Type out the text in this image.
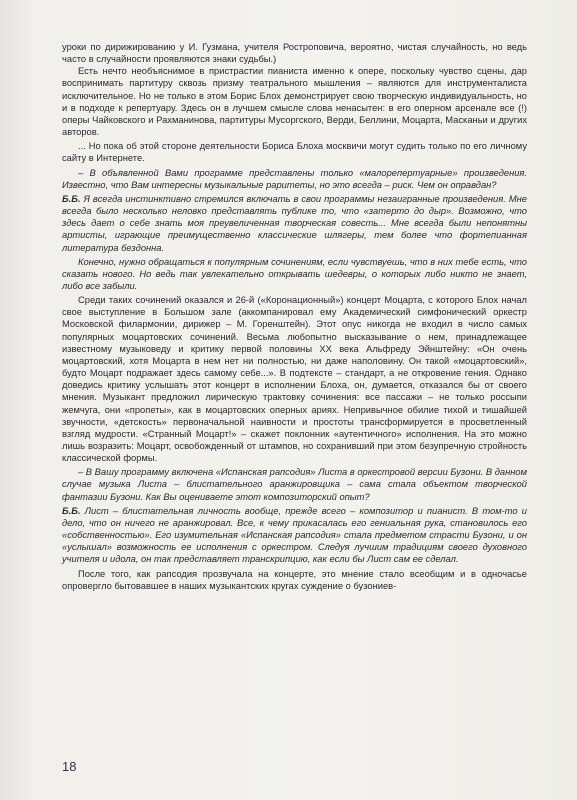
уроки по дирижированию у И. Гузмана, учителя Ростроповича, вероятно, чистая случайность, но ведь часто в случайности проявляются знаки судьбы.)

Есть нечто необъяснимое в пристрастии пианиста именно к опере, поскольку чувство сцены, дар воспринимать партитуру сквозь призму театрального мышления – являются для инструменталиста исключительное. Но не только в этом Борис Блох демонстрирует свою творческую индивидуальность, но и в подходе к репертуару. Здесь он в лучшем смысле слова ненасытен: в его оперном арсенале все (!) оперы Чайковского и Рахманинова, партитуры Мусоргского, Верди, Беллини, Моцарта, Масканьи и других авторов.

... Но пока об этой стороне деятельности Бориса Блоха москвичи могут судить только по его личному сайту в Интернете.

– В объявленной Вами программе представлены только «малорепертуарные» произведения. Известно, что Вам интересны музыкальные раритеты, но это всегда – риск. Чем он оправдан?

Б.Б. Я всегда инстинктивно стремился включать в свои программы незаигранные произведения. Мне всегда было несколько неловко представлять публике то, что «затерто до дыр». Возможно, что здесь дает о себе знать моя преувеличенная творческая совесть... Мне всегда были непонятны артисты, играющие преимущественно классические шлягеры, тем более что фортепианная литература бездонна.

Конечно, нужно обращаться к популярным сочинениям, если чувствуешь, что в них тебе есть, что сказать нового. Но ведь так увлекательно открывать шедевры, о которых либо никто не знает, либо все забыли.

Среди таких сочинений оказался и 26-й («Коронационный») концерт Моцарта, с которого Блох начал свое выступление в Большом зале (аккомпанировал ему Академический симфонический оркестр Московской филармонии, дирижер – М. Горенштейн). Этот опус никогда не входил в число самых популярных моцартовских сочинений. Весьма любопытно высказывание о нем, принадлежащее известному музыковеду и критику первой половины XX века Альфреду Эйнштейну: «Он очень моцартовский, хотя Моцарта в нем нет ни полностью, ни даже наполовину. Он такой «моцартовский», будто Моцарт подражает здесь самому себе...». В подтексте – стандарт, а не откровение гения. Однако доведись критику услышать этот концерт в исполнении Блоха, он, думается, отказался бы от своего мнения. Музыкант предложил лирическую трактовку сочинения: все пассажи – не только россыпи жемчуга, они «пропеты», как в моцартовских оперных ариях. Непривычное обилие тихой и тишайшей звучности, «детскость» первоначальной наивности и простоты трансформируется в просветленный взгляд мудрости. «Странный Моцарт!» – скажет поклонник «аутентичного» исполнения. На это можно лишь возразить: Моцарт, освобожденный от штампов, но сохранивший при этом безупречную стройность классической формы.

– В Вашу программу включена «Испанская рапсодия» Листа в оркестровой версии Бузони. В данном случае музыка Листа – блистательного аранжировщика – сама стала объектом творческой фантазии Бузони. Как Вы оцениваете этот композиторский опыт?

Б.Б. Лист – блистательная личность вообще, прежде всего – композитор и пианист. В том-то и дело, что он ничего не аранжировал. Все, к чему прикасалась его гениальная рука, становилось его «собственностью». Его изумительная «Испанская рапсодия» стала предметом страсти Бузони, и он «услышал» возможность ее исполнения с оркестром. Следуя лучшим традициям своего духовного учителя и идола, он так представляет транскрипцию, как если бы Лист сам ее сделал.

После того, как рапсодия прозвучала на концерте, это мнение стало всеобщим и в одночасье опровергло бытовавшее в наших музыкантских кругах суждение о бузониев-

18
